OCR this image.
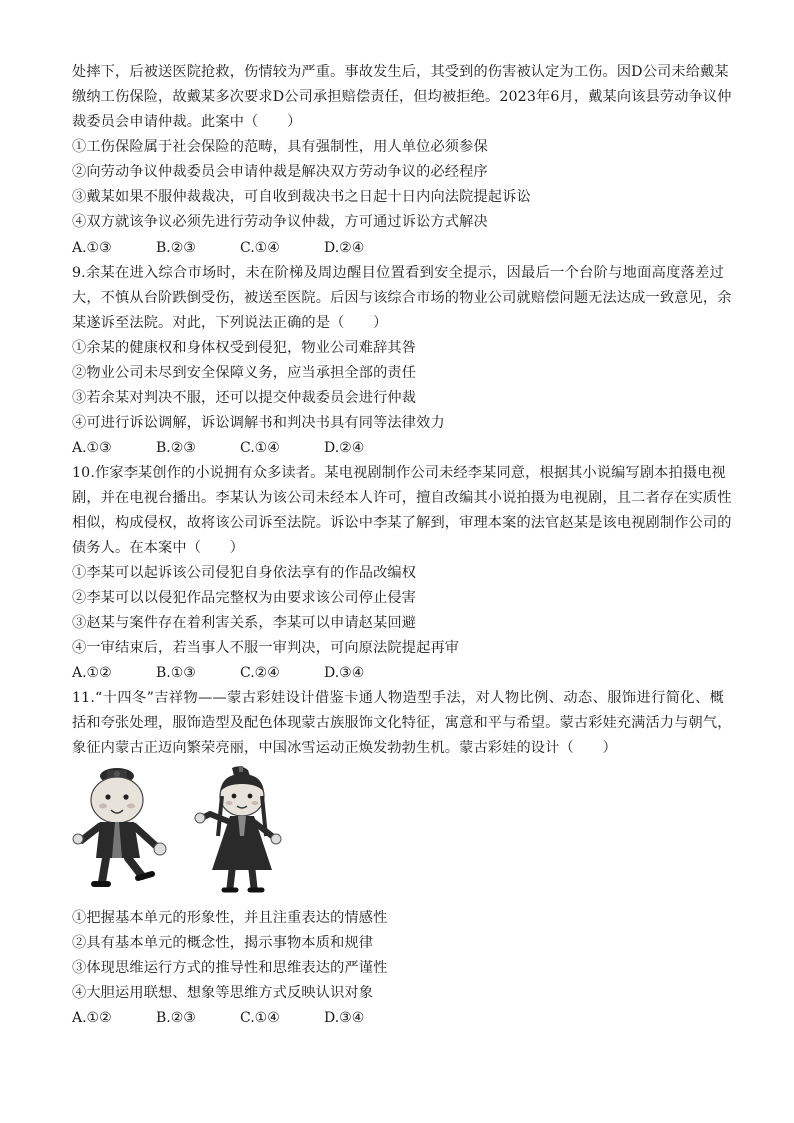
处摔下，后被送医院抢救，伤情较为严重。事故发生后，其受到的伤害被认定为工伤。因D公司未给戴某
缴纳工伤保险，故戴某多次要求D公司承担赔偿责任，但均被拒绝。2023年6月，戴某向该县劳动争议仲
裁委员会申请仲裁。此案中（　　）
①工伤保险属于社会保险的范畴，具有强制性，用人单位必须参保
②向劳动争议仲裁委员会申请仲裁是解决双方劳动争议的必经程序
③戴某如果不服仲裁裁决，可自收到裁决书之日起十日内向法院提起诉讼
④双方就该争议必须先进行劳动争议仲裁，方可通过诉讼方式解决
A.①③	B.②③	C.①④	D.②④
9.余某在进入综合市场时，未在阶梯及周边醒目位置看到安全提示，因最后一个台阶与地面高度落差过
大，不慎从台阶跌倒受伤，被送至医院。后因与该综合市场的物业公司就赔偿问题无法达成一致意见，余
某遂诉至法院。对此，下列说法正确的是（　　）
①余某的健康权和身体权受到侵犯，物业公司难辞其咎
②物业公司未尽到安全保障义务，应当承担全部的责任
③若余某对判决不服，还可以提交仲裁委员会进行仲裁
④可进行诉讼调解，诉讼调解书和判决书具有同等法律效力
A.①③	B.②③	C.①④	D.②④
10.作家李某创作的小说拥有众多读者。某电视剧制作公司未经李某同意，根据其小说编写剧本拍摄电视
剧，并在电视台播出。李某认为该公司未经本人许可，擅自改编其小说拍摄为电视剧，且二者存在实质性
相似，构成侵权，故将该公司诉至法院。诉讼中李某了解到，审理本案的法官赵某是该电视剧制作公司的
债务人。在本案中（　　）
①李某可以起诉该公司侵犯自身依法享有的作品改编权
②李某可以以侵犯作品完整权为由要求该公司停止侵害
③赵某与案件存在着利害关系，李某可以申请赵某回避
④一审结束后，若当事人不服一审判决，可向原法院提起再审
A.①②	B.①③	C.②④	D.③④
11.“十四冬”吉祥物——蒙古彩娃设计借鉴卡通人物造型手法，对人物比例、动态、服饰进行简化、概
括和夸张处理，服饰造型及配色体现蒙古族服饰文化特征，寓意和平与希望。蒙古彩娃充满活力与朝气，
象征内蒙古正迈向繁荣亮丽，中国冰雪运动正焕发勃勃生机。蒙古彩娃的设计（　　）
①把握基本单元的形象性，并且注重表达的情感性
②具有基本单元的概念性，揭示事物本质和规律
③体现思维运行方式的推导性和思维表达的严谨性
④大胆运用联想、想象等思维方式反映认识对象
A.①②	B.②③	C.①④	D.③④
